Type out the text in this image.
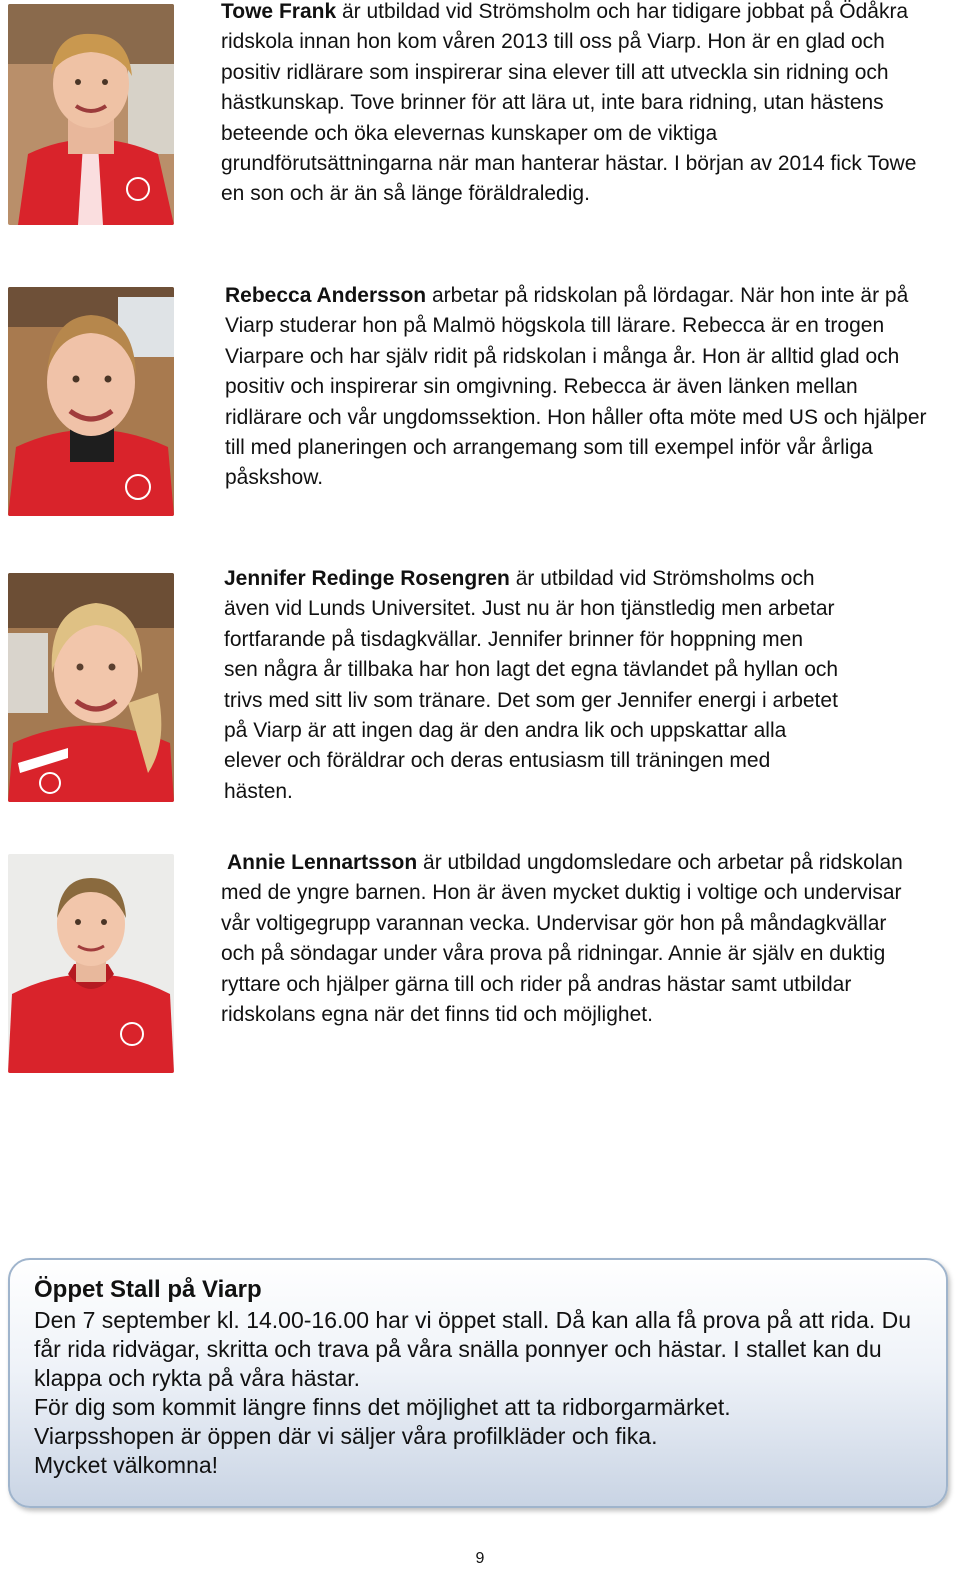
Towe Frank är utbildad vid Strömsholm och har tidigare jobbat på Ödåkra ridskola innan hon kom våren 2013 till oss på Viarp. Hon är en glad och positiv ridlärare som inspirerar sina elever till att utveckla sin ridning och hästkunskap. Tove brinner för att lära ut, inte bara ridning, utan hästens beteende och öka elevernas kunskaper om de viktiga grundförutsättningarna när man hanterar hästar. I början av 2014 fick Towe en son och är än så länge föräldraledig.

Rebecca Andersson arbetar på ridskolan på lördagar. När hon inte är på Viarp studerar hon på Malmö högskola till lärare. Rebecca är en trogen Viarpare och har själv ridit på ridskolan i många år. Hon är alltid glad och positiv och inspirerar sin omgivning. Rebecca är även länken mellan ridlärare och vår ungdomssektion. Hon håller ofta möte med US och hjälper till med planeringen och arrangemang som till exempel inför vår årliga påskshow.

Jennifer Redinge Rosengren är utbildad vid Strömsholms och även vid Lunds Universitet. Just nu är hon tjänstledig men arbetar fortfarande på tisdagkvällar. Jennifer brinner för hoppning men sen några år tillbaka har hon lagt det egna tävlandet på hyllan och trivs med sitt liv som tränare. Det som ger Jennifer energi i arbetet på Viarp är att ingen dag är den andra lik och uppskattar alla elever och föräldrar och deras entusiasm till träningen med hästen.

Annie Lennartsson är utbildad ungdomsledare och arbetar på ridskolan med de yngre barnen. Hon är även mycket duktig i voltige och undervisar vår voltigegrupp varannan vecka. Undervisar gör hon på måndagkvällar och på söndagar under våra prova på ridningar. Annie är själv en duktig ryttare och hjälper gärna till och rider på andras hästar samt utbildar ridskolans egna när det finns tid och möjlighet.

Öppet Stall på Viarp

Den 7 september kl. 14.00-16.00 har vi öppet stall. Då kan alla få prova på att rida. Du får rida ridvägar, skritta och trava på våra snälla ponnyer och hästar. I stallet kan du klappa och rykta på våra hästar.

För dig som kommit längre finns det möjlighet att ta ridborgarmärket.

Viarpsshopen är öppen där vi säljer våra profilkläder och fika.

Mycket välkomna!

9
